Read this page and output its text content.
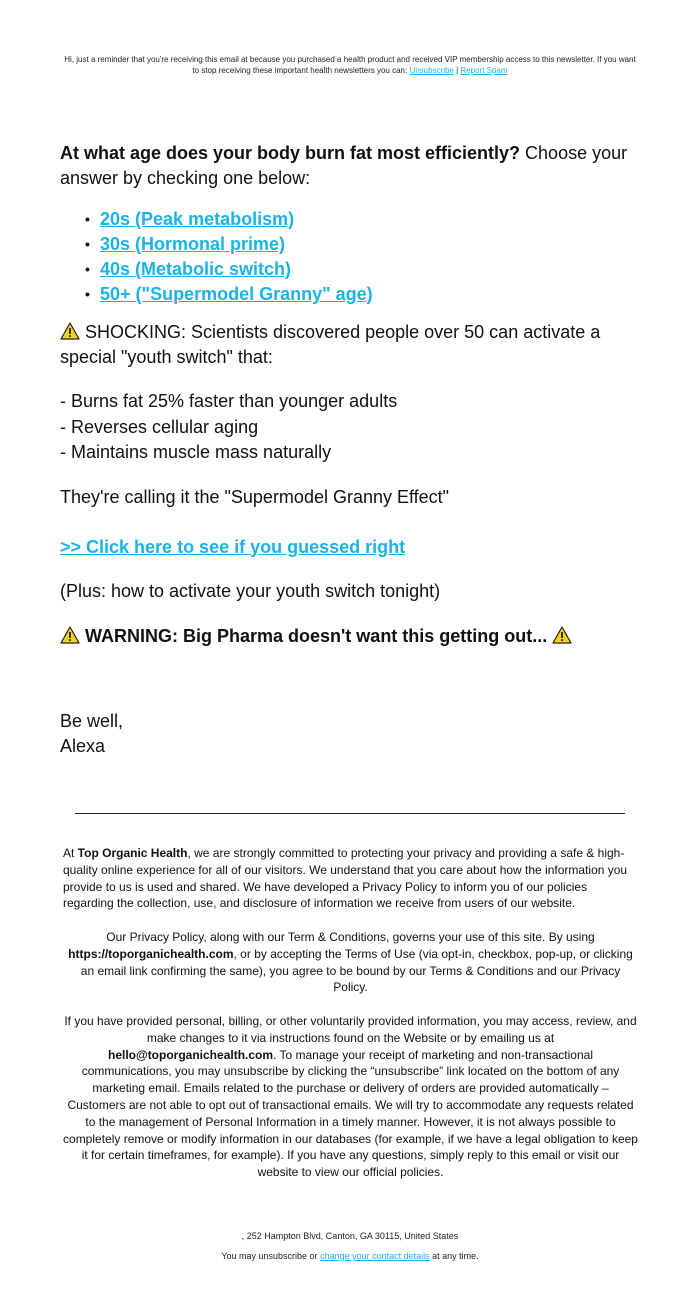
Hi, just a reminder that you're receiving this email at because you purchased a health product and received VIP membership access to this newsletter. If you want to stop receiving these important health newsletters you can: Unsubscribe | Report Spam

At what age does your body burn fat most efficiently? Choose your answer by checking one below:

• 20s (Peak metabolism)
• 30s (Hormonal prime)
• 40s (Metabolic switch)
• 50+ ("Supermodel Granny" age)

SHOCKING: Scientists discovered people over 50 can activate a special "youth switch" that:

- Burns fat 25% faster than younger adults
- Reverses cellular aging
- Maintains muscle mass naturally

They're calling it the "Supermodel Granny Effect"

>> Click here to see if you guessed right

(Plus: how to activate your youth switch tonight)

WARNING: Big Pharma doesn't want this getting out...

Be well,
Alexa

At Top Organic Health, we are strongly committed to protecting your privacy and providing a safe & high-quality online experience for all of our visitors. We understand that you care about how the information you provide to us is used and shared. We have developed a Privacy Policy to inform you of our policies regarding the collection, use, and disclosure of information we receive from users of our website.

Our Privacy Policy, along with our Term & Conditions, governs your use of this site. By using https://toporganichealth.com, or by accepting the Terms of Use (via opt-in, checkbox, pop-up, or clicking an email link confirming the same), you agree to be bound by our Terms & Conditions and our Privacy Policy.

If you have provided personal, billing, or other voluntarily provided information, you may access, review, and make changes to it via instructions found on the Website or by emailing us at hello@toporganichealth.com. To manage your receipt of marketing and non-transactional communications, you may unsubscribe by clicking the “unsubscribe” link located on the bottom of any marketing email. Emails related to the purchase or delivery of orders are provided automatically – Customers are not able to opt out of transactional emails. We will try to accommodate any requests related to the management of Personal Information in a timely manner. However, it is not always possible to completely remove or modify information in our databases (for example, if we have a legal obligation to keep it for certain timeframes, for example). If you have any questions, simply reply to this email or visit our website to view our official policies.

, 252 Hampton Blvd, Canton, GA 30115, United States
You may unsubscribe or change your contact details at any time.
